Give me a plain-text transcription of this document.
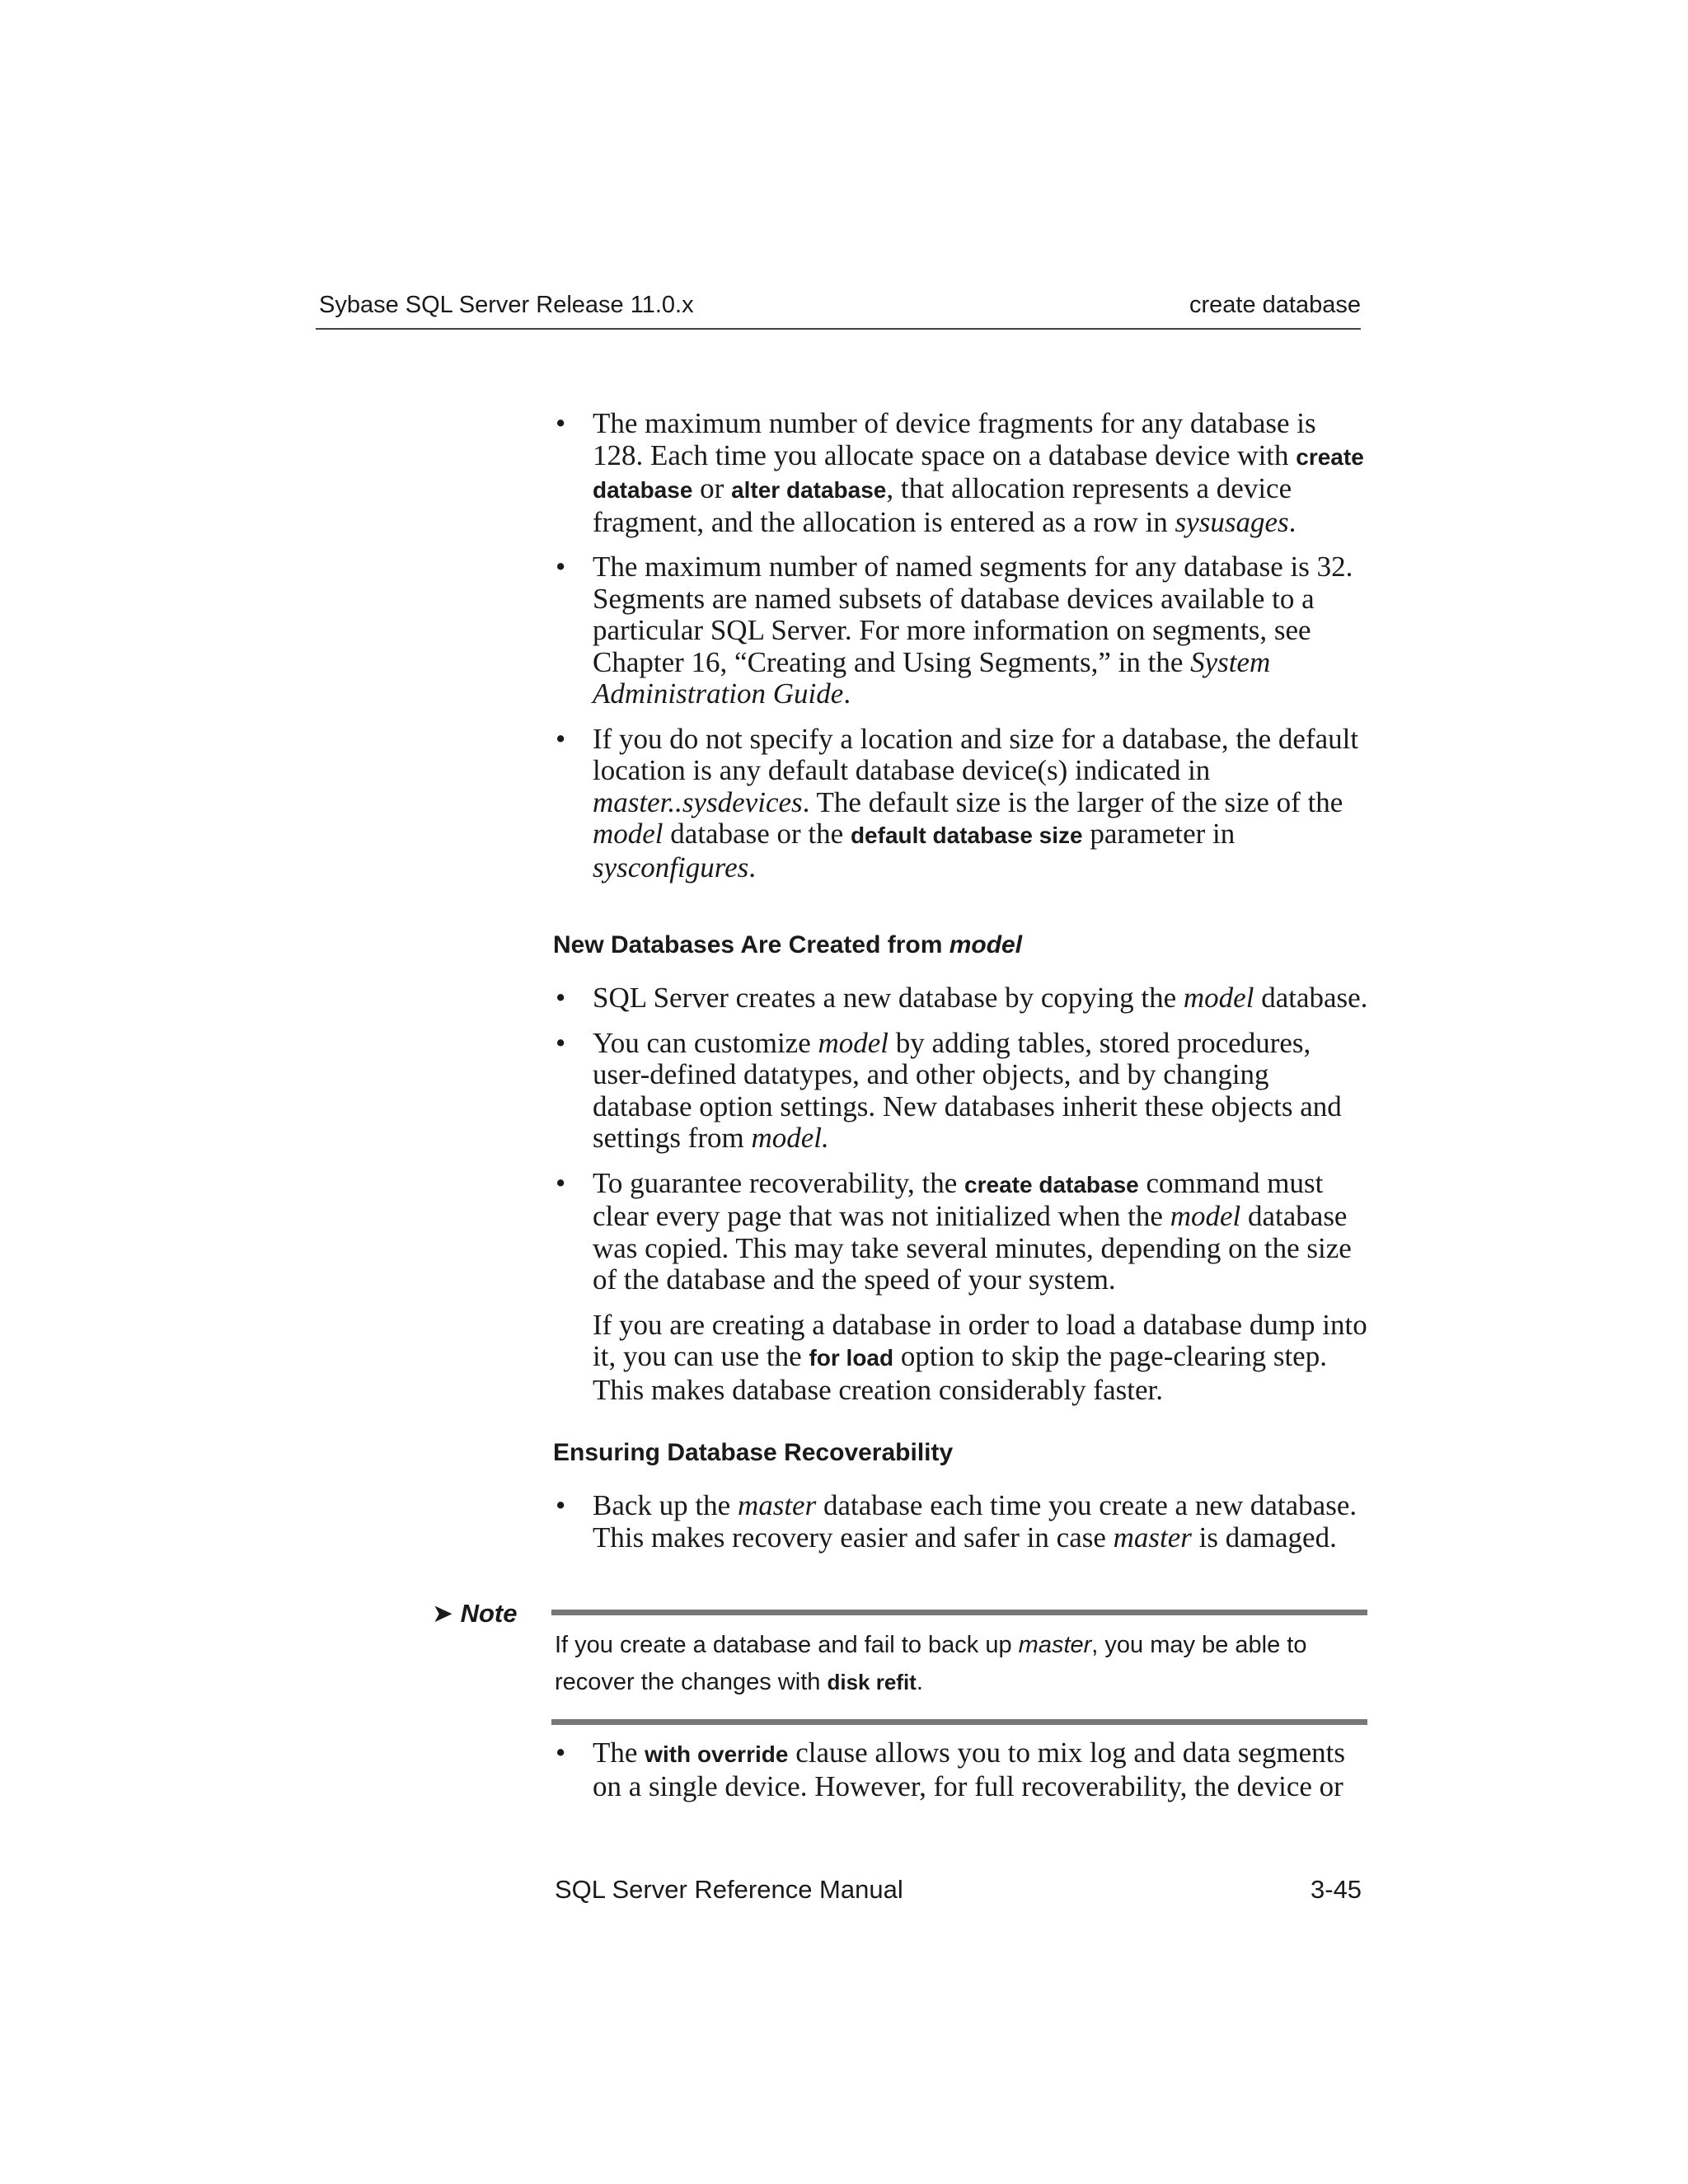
Sybase SQL Server Release 11.0.x	create database
• The maximum number of device fragments for any database is 128. Each time you allocate space on a database device with create database or alter database, that allocation represents a device fragment, and the allocation is entered as a row in sysusages.

• The maximum number of named segments for any database is 32. Segments are named subsets of database devices available to a particular SQL Server. For more information on segments, see Chapter 16, “Creating and Using Segments,” in the System Administration Guide.

• If you do not specify a location and size for a database, the default location is any default database device(s) indicated in master..sysdevices. The default size is the larger of the size of the model database or the default database size parameter in sysconfigures.

New Databases Are Created from model
• SQL Server creates a new database by copying the model database.

• You can customize model by adding tables, stored procedures, user-defined datatypes, and other objects, and by changing database option settings. New databases inherit these objects and settings from model.

• To guarantee recoverability, the create database command must clear every page that was not initialized when the model database was copied. This may take several minutes, depending on the size of the database and the speed of your system.

If you are creating a database in order to load a database dump into it, you can use the for load option to skip the page-clearing step. This makes database creation considerably faster.

Ensuring Database Recoverability
• Back up the master database each time you create a new database. This makes recovery easier and safer in case master is damaged.

➤ Note
If you create a database and fail to back up master, you may be able to recover the changes with disk refit.
• The with override clause allows you to mix log and data segments on a single device. However, for full recoverability, the device or

SQL Server Reference Manual	3-45
